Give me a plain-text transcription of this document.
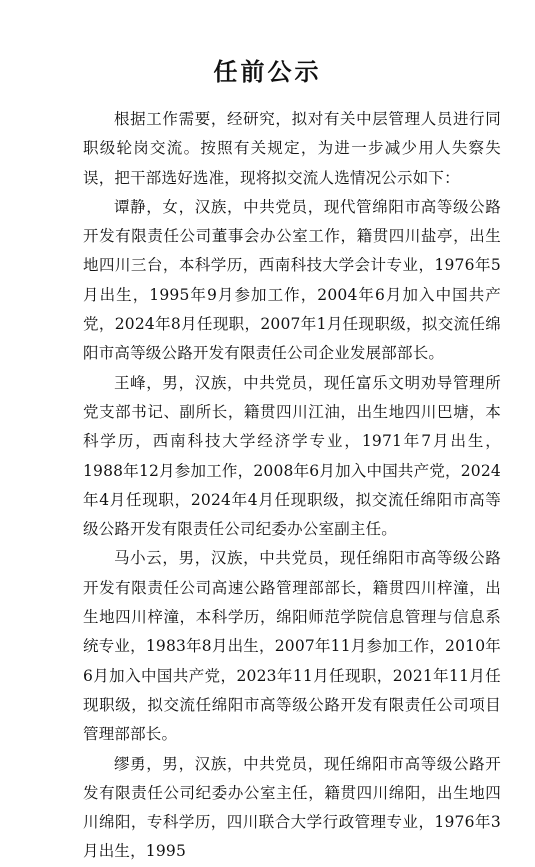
任前公示

根据工作需要，经研究，拟对有关中层管理人员进行同职级轮岗交流。按照有关规定，为进一步减少用人失察失误，把干部选好选准，现将拟交流人选情况公示如下：

谭静，女，汉族，中共党员，现代管绵阳市高等级公路开发有限责任公司董事会办公室工作，籍贯四川盐亭，出生地四川三台，本科学历，西南科技大学会计专业，1976年5月出生，1995年9月参加工作，2004年6月加入中国共产党，2024年8月任现职，2007年1月任现职级，拟交流任绵阳市高等级公路开发有限责任公司企业发展部部长。

王峰，男，汉族，中共党员，现任富乐文明劝导管理所党支部书记、副所长，籍贯四川江油，出生地四川巴塘，本科学历，西南科技大学经济学专业，1971年7月出生，1988年12月参加工作，2008年6月加入中国共产党，2024年4月任现职，2024年4月任现职级，拟交流任绵阳市高等级公路开发有限责任公司纪委办公室副主任。

马小云，男，汉族，中共党员，现任绵阳市高等级公路开发有限责任公司高速公路管理部部长，籍贯四川梓潼，出生地四川梓潼，本科学历，绵阳师范学院信息管理与信息系统专业，1983年8月出生，2007年11月参加工作，2010年6月加入中国共产党，2023年11月任现职，2021年11月任现职级，拟交流任绵阳市高等级公路开发有限责任公司项目管理部部长。

缪勇，男，汉族，中共党员，现任绵阳市高等级公路开发有限责任公司纪委办公室主任，籍贯四川绵阳，出生地四川绵阳，专科学历，四川联合大学行政管理专业，1976年3月出生，1995
